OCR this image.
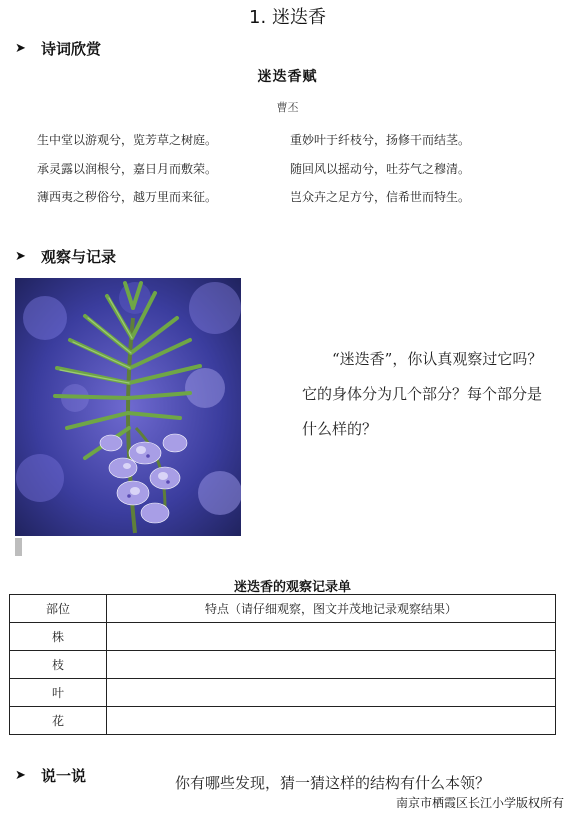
1. 迷迭香
➤	诗词欣赏
迷迭香赋
曹丕
生中堂以游观兮，览芳草之树庭。
承灵露以润根兮，嘉日月而敷荣。
薄西夷之秽俗兮，越万里而来征。
重妙叶于纤枝兮，扬修干而结茎。
随回风以摇动兮，吐芬气之穆清。
岂众卉之足方兮，信希世而特生。
➤	观察与记录
“迷迭香”，你认真观察过它吗？它的身体分为几个部分？每个部分是什么样的？
迷迭香的观察记录单
部位	特点（请仔细观察，图文并茂地记录观察结果）
株	
枝	
叶	
花	
➤	说一说	你有哪些发现，猜一猜这样的结构有什么本领？
南京市栖霞区长江小学版权所有
